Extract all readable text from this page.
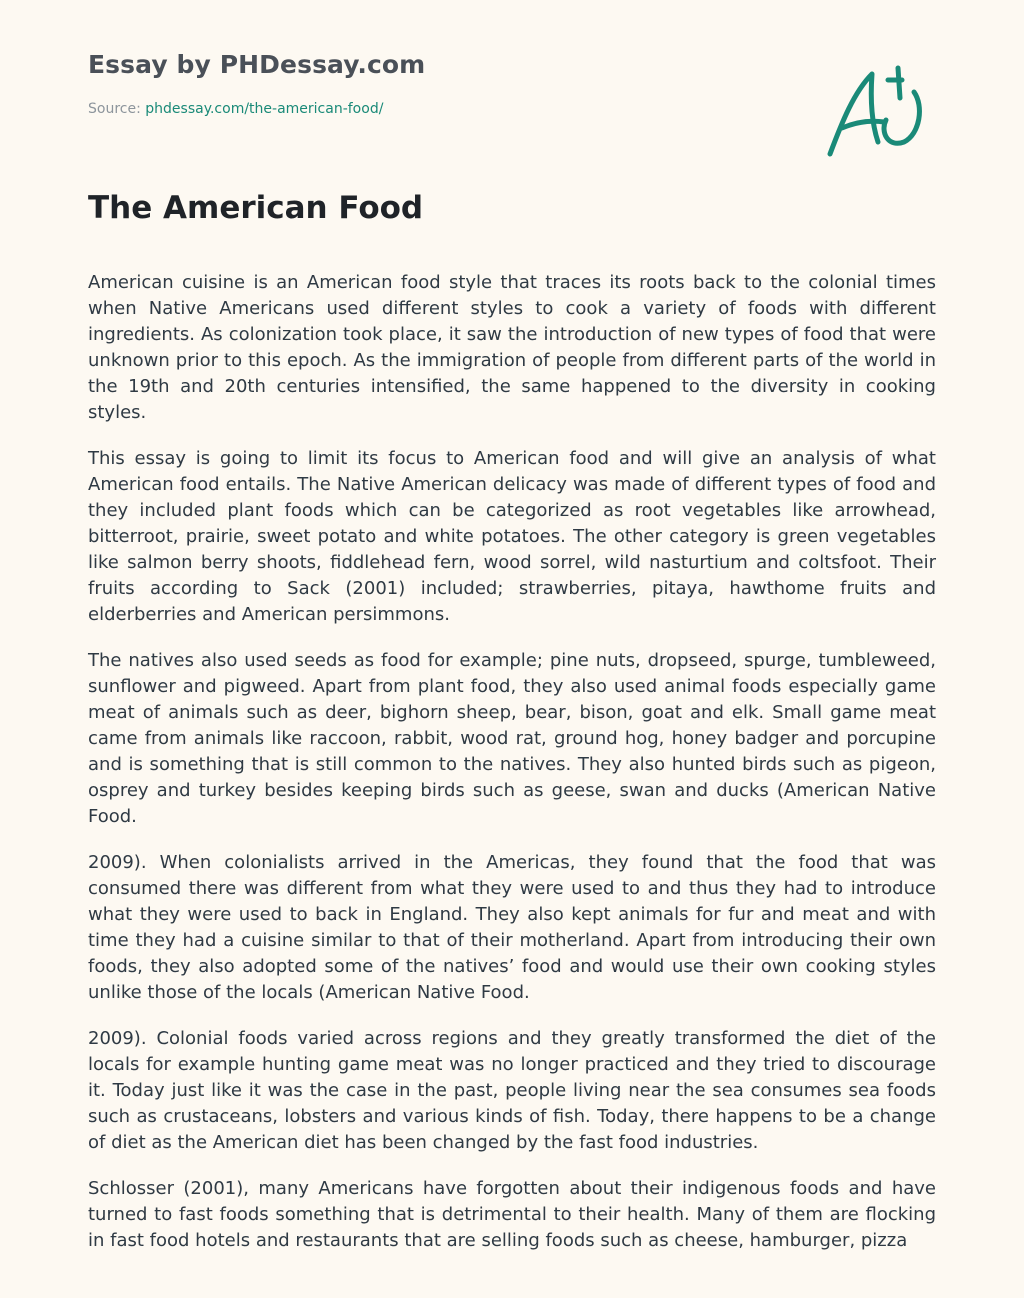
Essay by PHDessay.com

Source: phdessay.com/the-american-food/

The American Food

American cuisine is an American food style that traces its roots back to the colonial times when Native Americans used different styles to cook a variety of foods with different ingredients. As colonization took place, it saw the introduction of new types of food that were unknown prior to this epoch. As the immigration of people from different parts of the world in the 19th and 20th centuries intensified, the same happened to the diversity in cooking styles.

This essay is going to limit its focus to American food and will give an analysis of what American food entails. The Native American delicacy was made of different types of food and they included plant foods which can be categorized as root vegetables like arrowhead, bitterroot, prairie, sweet potato and white potatoes. The other category is green vegetables like salmon berry shoots, fiddlehead fern, wood sorrel, wild nasturtium and coltsfoot. Their fruits according to Sack (2001) included; strawberries, pitaya, hawthome fruits and elderberries and American persimmons.

The natives also used seeds as food for example; pine nuts, dropseed, spurge, tumbleweed, sunflower and pigweed. Apart from plant food, they also used animal foods especially game meat of animals such as deer, bighorn sheep, bear, bison, goat and elk. Small game meat came from animals like raccoon, rabbit, wood rat, ground hog, honey badger and porcupine and is something that is still common to the natives. They also hunted birds such as pigeon, osprey and turkey besides keeping birds such as geese, swan and ducks (American Native Food.

2009). When colonialists arrived in the Americas, they found that the food that was consumed there was different from what they were used to and thus they had to introduce what they were used to back in England. They also kept animals for fur and meat and with time they had a cuisine similar to that of their motherland. Apart from introducing their own foods, they also adopted some of the natives’ food and would use their own cooking styles unlike those of the locals (American Native Food.

2009). Colonial foods varied across regions and they greatly transformed the diet of the locals for example hunting game meat was no longer practiced and they tried to discourage it. Today just like it was the case in the past, people living near the sea consumes sea foods such as crustaceans, lobsters and various kinds of fish. Today, there happens to be a change of diet as the American diet has been changed by the fast food industries.

Schlosser (2001), many Americans have forgotten about their indigenous foods and have turned to fast foods something that is detrimental to their health. Many of them are flocking in fast food hotels and restaurants that are selling foods such as cheese, hamburger, pizza
